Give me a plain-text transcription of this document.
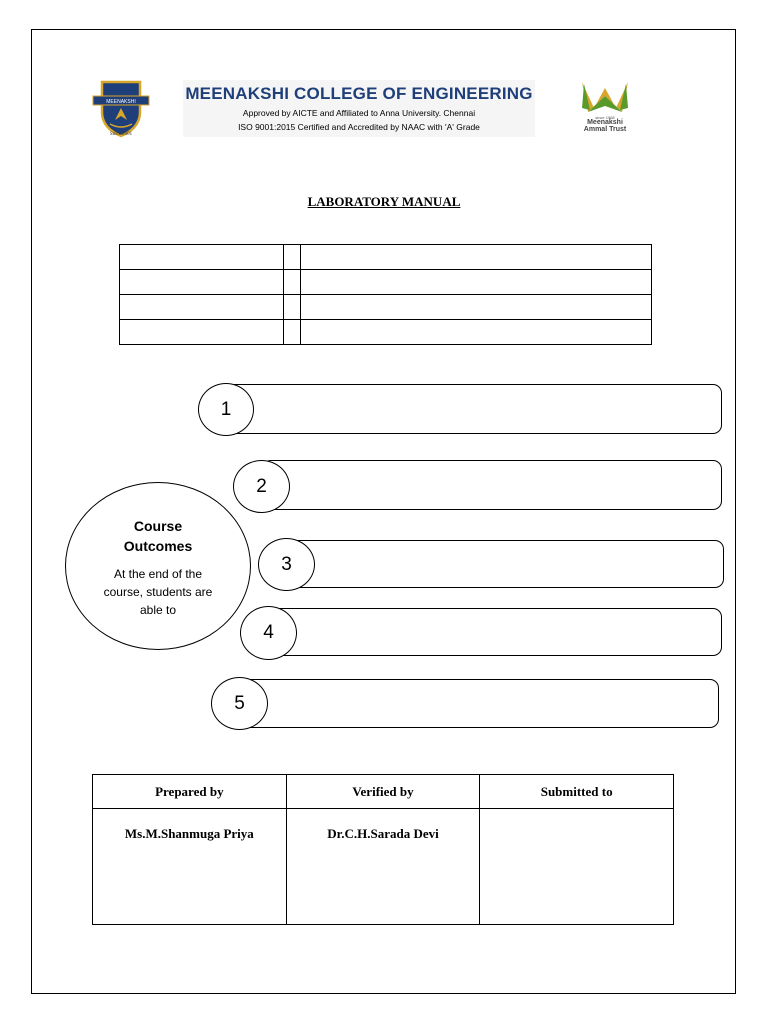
MEENAKSHI
Since 2001
MEENAKSHI COLLEGE OF ENGINEERING
Approved by AICTE and Affiliated to Anna University. Chennai
ISO 9001:2015 Certified and Accredited by NAAC with 'A' Grade
since 1968
Meenakshi
Ammal Trust
LABORATORY MANUAL

Course
Outcomes
At the end of the course, students are able to
1
2
3
4
5
Prepared by	Verified by	Submitted to
Ms.M.Shanmuga Priya	Dr.C.H.Sarada Devi	
